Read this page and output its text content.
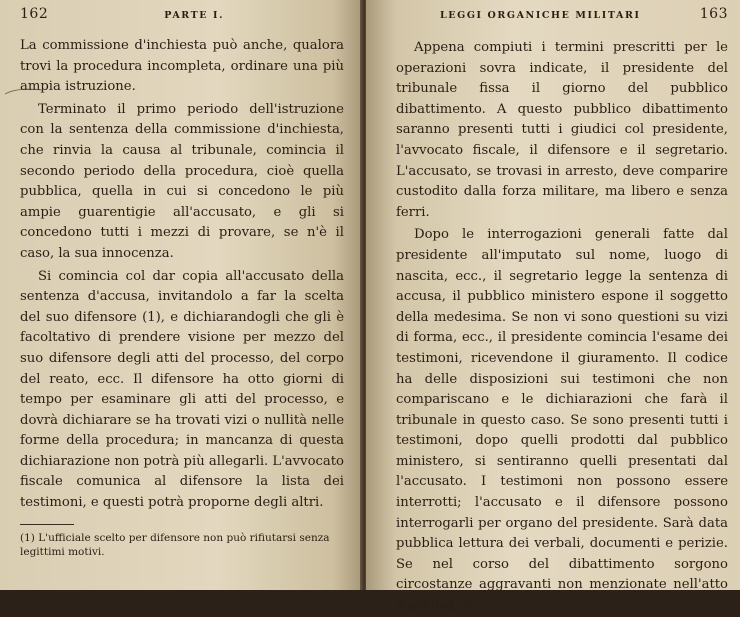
162	PARTE I.

La commissione d'inchiesta può anche, qualora trovi la procedura incompleta, ordinare una più ampia istruzione.

Terminato il primo periodo dell'istruzione con la sentenza della commissione d'inchiesta, che rinvia la causa al tribunale, comincia il secondo periodo della procedura, cioè quella pubblica, quella in cui si concedono le più ampie guarentigie all'accusato, e gli si concedono tutti i mezzi di provare, se n'è il caso, la sua innocenza.

Si comincia col dar copia all'accusato della sentenza d'accusa, invitandolo a far la scelta del suo difensore (1), e dichiarandogli che gli è facoltativo di prendere visione per mezzo del suo difensore degli atti del processo, del corpo del reato, ecc. Il difensore ha otto giorni di tempo per esaminare gli atti del processo, e dovrà dichiarare se ha trovati vizi o nullità nelle forme della procedura; in mancanza di questa dichiarazione non potrà più allegarli. L'avvocato fiscale comunica al difensore la lista dei testimoni, e questi potrà proporne degli altri.

(1) L'ufficiale scelto per difensore non può rifiutarsi senza legittimi motivi.

LEGGI ORGANICHE MILITARI	163

Appena compiuti i termini prescritti per le operazioni sovra indicate, il presidente del tribunale fissa il giorno del pubblico dibattimento. A questo pubblico dibattimento saranno presenti tutti i giudici col presidente, l'avvocato fiscale, il difensore e il segretario. L'accusato, se trovasi in arresto, deve comparire custodito dalla forza militare, ma libero e senza ferri.

Dopo le interrogazioni generali fatte dal presidente all'imputato sul nome, luogo di nascita, ecc., il segretario legge la sentenza di accusa, il pubblico ministero espone il soggetto della medesima. Se non vi sono questioni su vizi di forma, ecc., il presidente comincia l'esame dei testimoni, ricevendone il giuramento. Il codice ha delle disposizioni sui testimoni che non compariscano e le dichiarazioni che farà il tribunale in questo caso. Se sono presenti tutti i testimoni, dopo quelli prodotti dal pubblico ministero, si sentiranno quelli presentati dal l'accusato. I testimoni non possono essere interrotti; l'accusato e il difensore possono interrogarli per organo del presidente. Sarà data pubblica lettura dei verbali, documenti e perizie. Se nel corso del dibattimento sorgono circostanze aggravanti non menzionate nell'atto d'accusa, o
